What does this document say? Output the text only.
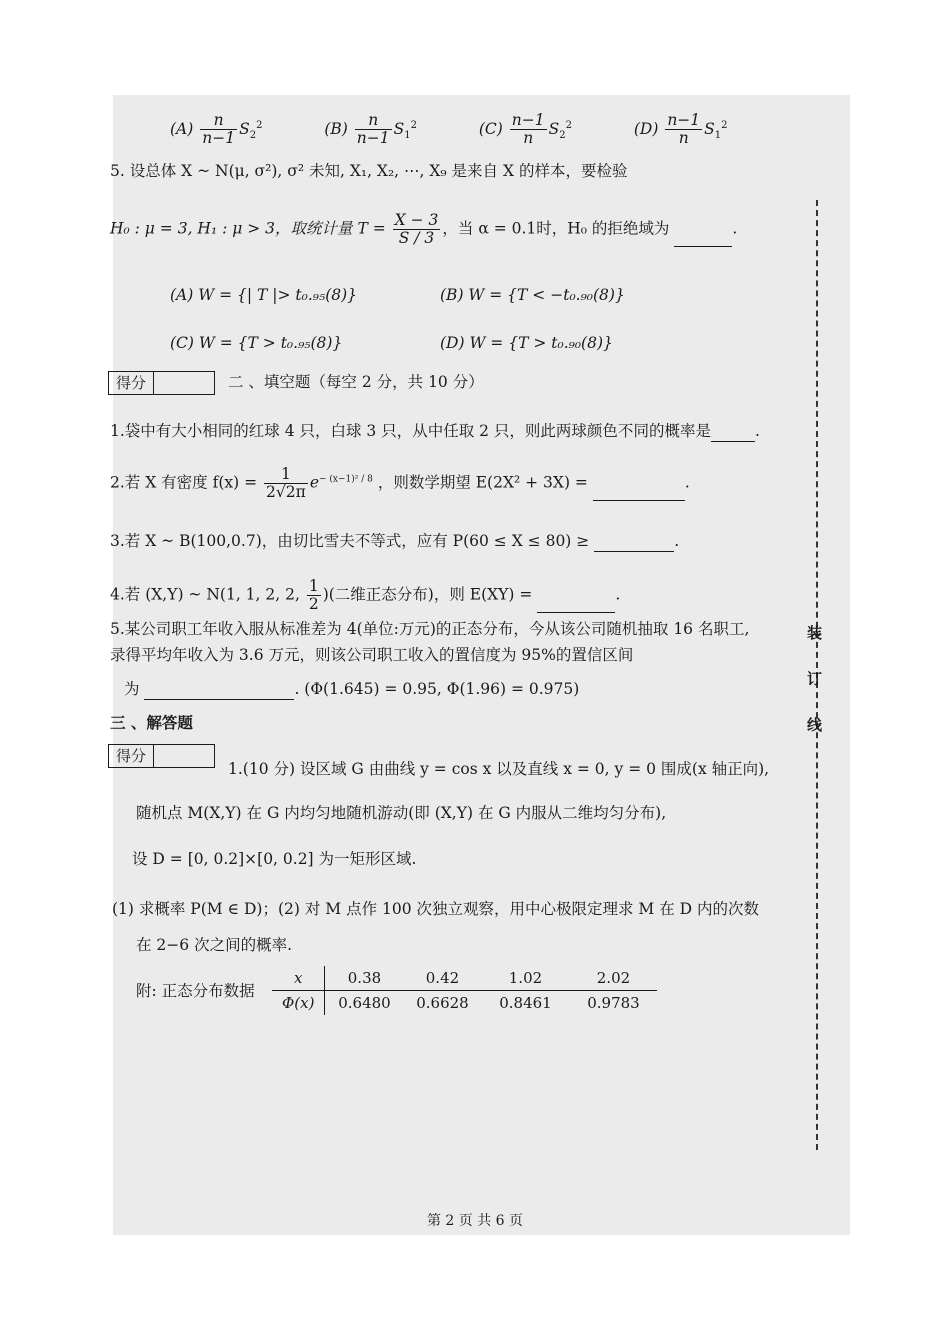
$(A) \frac{n}{n-1} S_2^2$	$(B) \frac{n}{n-1} S_1^2$	$(C) \frac{n-1}{n} S_2^2$	$(D) \frac{n-1}{n} S_1^2$
5. 设总体 X ~ N(μ, σ²), σ² 未知, X₁, X₂, ⋯, X₉ 是来自 X 的样本，要检验
H₀ : μ = 3, H₁ : μ > 3，取统计量 $T = \frac{X - 3}{S / 3}$ ，当 α = 0.1时，H₀ 的拒绝域为	.
(A) W = {| T |> t₀.₉₅(8)}	(B) W = {T < −t₀.₉₀(8)}
(C) W = {T > t₀.₉₅(8)}	(D) W = {T > t₀.₉₀(8)}
得分	二 、填空题（每空 2 分，共 10 分）
1.袋中有大小相同的红球 4 只，白球 3 只，从中任取 2 只，则此两球颜色不同的概率是	.
2.若 X 有密度 $f(x) = \frac{1}{2√2\pi} e^{- (x-1)^2 / 8}$ ，则数学期望 E(2X² + 3X) =	.
3.若 X ~ B(100,0.7)，由切比雪夫不等式，应有 P(60 ≤ X ≤ 80) ≥	.
4.若 (X,Y) ~ N(1, 1, 2, 2, $\frac{1}{2}$ )(二维正态分布)，则 E(XY) =	.
5.某公司职工年收入服从标准差为 4(单位:万元)的正态分布，今从该公司随机抽取 16 名职工,
录得平均年收入为 3.6 万元，则该公司职工收入的置信度为 95%的置信区间
为	. (Φ(1.645) = 0.95, Φ(1.96) = 0.975)
三 、解答题
得分
1.(10 分) 设区域 G 由曲线 y = cos x 以及直线 x = 0, y = 0 围成(x 轴正向),
随机点 M(X,Y) 在 G 内均匀地随机游动(即 (X,Y) 在 G 内服从二维均匀分布),
设 D = [0, 0.2]×[0, 0.2] 为一矩形区域.
(1) 求概率 P(M ∈ D)；(2) 对 M 点作 100 次独立观察，用中心极限定理求 M 在 D 内的次数
在 2−6 次之间的概率.
附: 正态分布数据
x	0.38	0.42	1.02	2.02
Φ(x)	0.6480	0.6628	0.8461	0.9783
装
订
线
第 2 页 共 6 页
